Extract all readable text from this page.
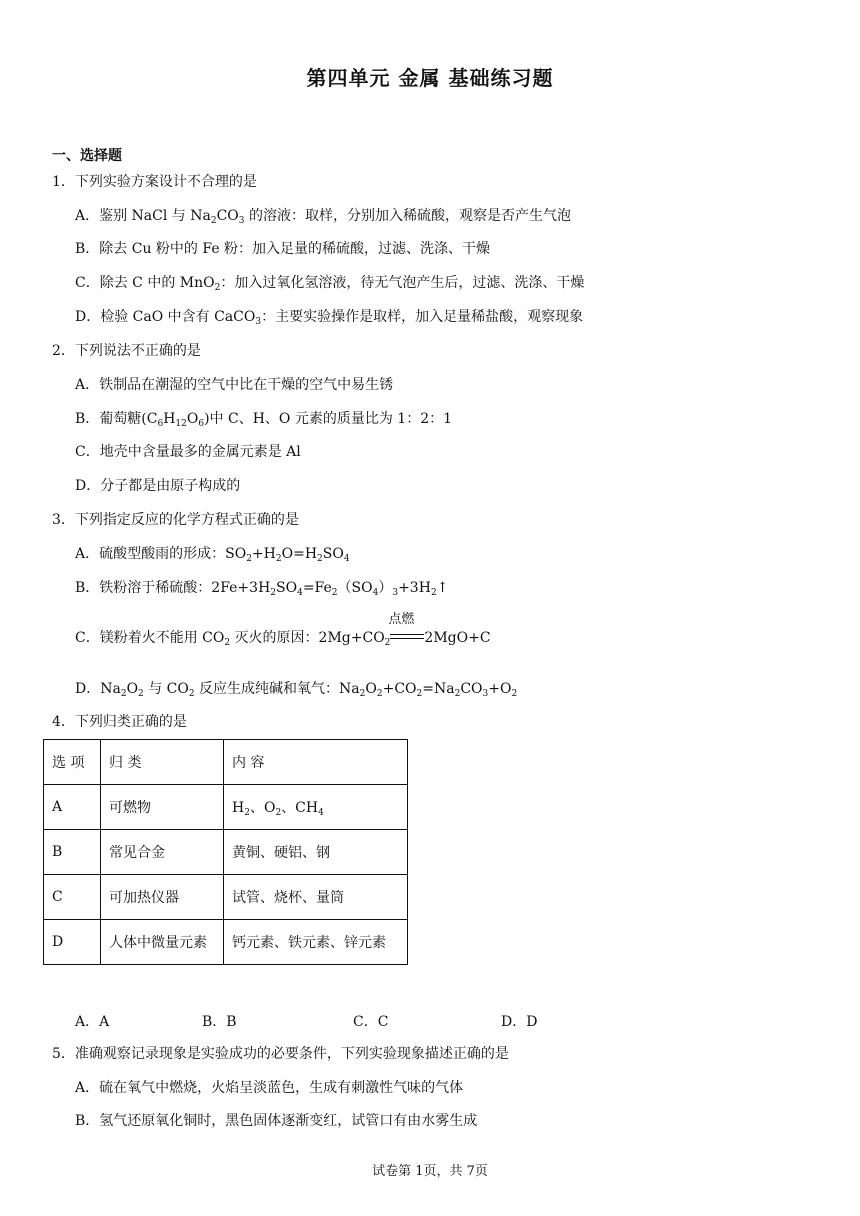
第四单元 金属 基础练习题
一、选择题
1．下列实验方案设计不合理的是
A．鉴别 NaCl 与 $Na_2CO_3$ 的溶液：取样，分别加入稀硫酸，观察是否产生气泡
B．除去 Cu 粉中的 Fe 粉：加入足量的稀硫酸，过滤、洗涤、干燥
C．除去 C 中的 MnO$_2$：加入过氧化氢溶液，待无气泡产生后，过滤、洗涤、干燥
D．检验 CaO 中含有 CaCO$_3$：主要实验操作是取样，加入足量稀盐酸，观察现象
2．下列说法不正确的是
A．铁制品在潮湿的空气中比在干燥的空气中易生锈
B．葡萄糖$(C_6H_{12}O_6)$中 C、H、O 元素的质量比为 1：2：1
C．地壳中含量最多的金属元素是 Al
D．分子都是由原子构成的
3．下列指定反应的化学方程式正确的是
A．硫酸型酸雨的形成：$SO_2+H_2O=H_2SO_4$
B．铁粉溶于稀硫酸：$2Fe+3H_2SO_4=Fe_2(SO_4)_3+3H_2↑$
C．镁粉着火不能用 $CO_2$ 灭火的原因：$2Mg+CO_2$
点燃
2MgO+C
D．$Na_2O_2$ 与 $CO_2$ 反应生成纯碱和氧气：$Na_2O_2+CO_2=Na_2CO_3+O_2$
4．下列归类正确的是
选 项	归 类	内 容
A	可燃物	$H_2$、$O_2$、$CH_4$
B	常见合金	黄铜、硬铝、钢
C	可加热仪器	试管、烧杯、量筒
D	人体中微量元素	钙元素、铁元素、锌元素
A．A	B．B	C．C	D．D
5．准确观察记录现象是实验成功的必要条件，下列实验现象描述正确的是
A．硫在氧气中燃烧，火焰呈淡蓝色，生成有刺激性气味的气体
B．氢气还原氧化铜时，黑色固体逐渐变红，试管口有由水雾生成
试卷第 1页，共 7页
